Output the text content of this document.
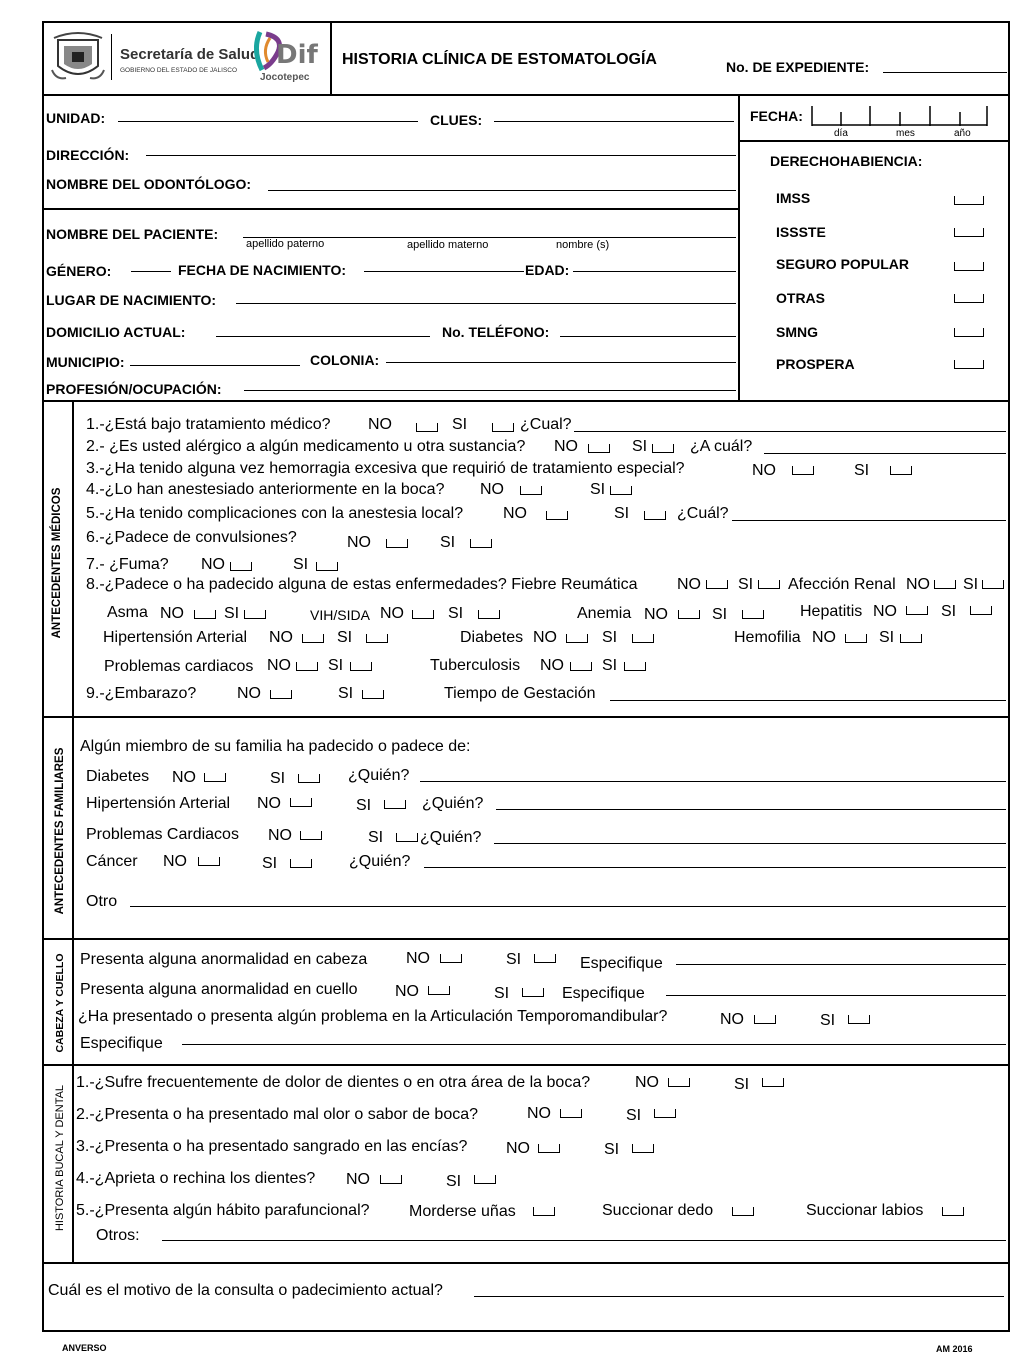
Secretaría de Salud
GOBIERNO DEL ESTADO DE JALISCO
Dif
Jocotepec
HISTORIA CLÍNICA DE ESTOMATOLOGÍA	No. DE EXPEDIENTE:
FECHA:
día	mes	año
UNIDAD:	CLUES:
DIRECCIÓN:
NOMBRE DEL ODONTÓLOGO:
NOMBRE DEL PACIENTE:
apellido paterno	apellido materno	nombre (s)
GÉNERO:	FECHA DE NACIMIENTO:	EDAD:
LUGAR DE NACIMIENTO:
DOMICILIO ACTUAL:	No. TELÉFONO:
MUNICIPIO:	COLONIA:
PROFESIÓN/OCUPACIÓN:
DERECHOHABIENCIA:
IMSS
ISSSTE
SEGURO POPULAR
OTRAS
SMNG
PROSPERA
ANTECEDENTES MÉDICOS
1.-¿Está bajo tratamiento médico? NO	SI	¿Cual?
2.- ¿Es usted alérgico a algún medicamento u otra sustancia? NO	SI	¿A cuál?
3.-¿Ha tenido alguna vez hemorragia excesiva que requirió de tratamiento especial?	NO	SI
4.-¿Lo han anestesiado anteriormente en la boca? NO	SI
5.-¿Ha tenido complicaciones con la anestesia local? NO	SI	¿Cuál?
6.-¿Padece de convulsiones?	NO	SI
7.- ¿Fuma? NO	SI
8.-¿Padece o ha padecido alguna de estas enfermedades? Fiebre Reumática NO SI Afección Renal NO SI
Asma NO	SI	VIH/SIDA NO	SI	Anemia NO	SI	Hepatitis NO	SI
Hipertensión Arterial NO	SI	Diabetes NO	SI	Hemofilia NO	SI
Problemas cardiacos NO SI	Tuberculosis NO SI
9.-¿Embarazo?	NO	SI	Tiempo de Gestación
ANTECEDENTES FAMILIARES
Algún miembro de su familia ha padecido o padece de:
Diabetes NO	SI	¿Quién?
Hipertensión Arterial NO	SI	¿Quién?
Problemas Cardiacos NO	SI ¿Quién?
Cáncer NO	SI	¿Quién?
Otro
CABEZA Y CUELLO Presenta alguna anormalidad en cabeza NO	SI	Especifique
Presenta alguna anormalidad en cuello NO	SI	Especifique
¿Ha presentado o presenta algún problema en la Articulación Temporomandibular?	NO	SI
Especifique
HISTORIA BUCAL Y DENTAL
1.-¿Sufre frecuentemente de dolor de dientes o en otra área de la boca?	NO	SI
2.-¿Presenta o ha presentado mal olor o sabor de boca?	NO	SI
3.-¿Presenta o ha presentado sangrado en las encías? NO	SI
4.-¿Aprieta o rechina los dientes? NO	SI
5.-¿Presenta algún hábito parafuncional? Morderse uñas	Succionar dedo	Succionar labios
Otros:
Cuál es el motivo de la consulta o padecimiento actual?
ANVERSO	AM 2016
